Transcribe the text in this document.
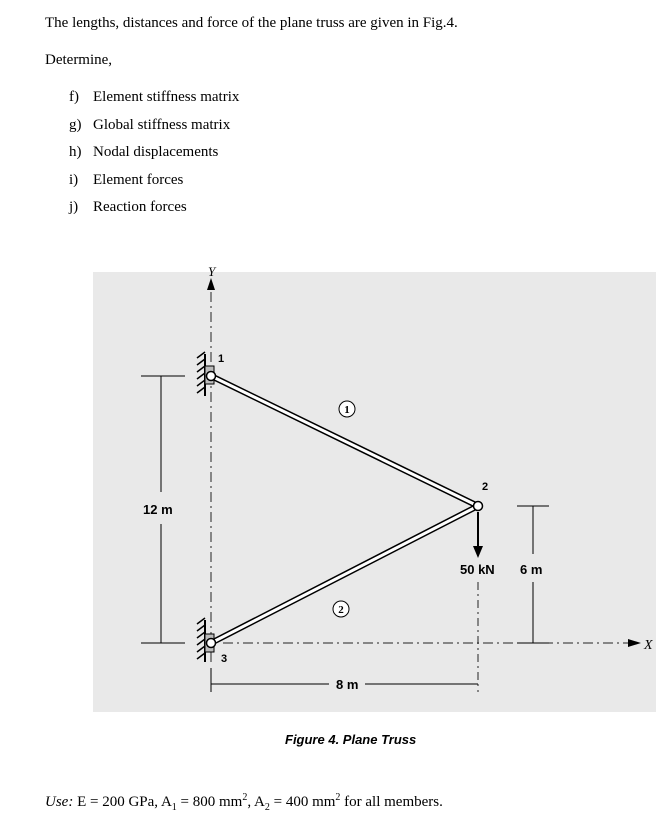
The lengths, distances and force of the plane truss are given in Fig.4.
Determine,
f) Element stiffness matrix
g) Global stiffness matrix
h) Nodal displacements
i) Element forces
j) Reaction forces
Y
X
1
2
3
1
2
50 kN
12 m
6 m
8 m
Figure 4. Plane Truss
Use: E = 200 GPa, $A_1 = 800$ $mm^2$, $A_2 = 400$ $mm^2$ for all members.
